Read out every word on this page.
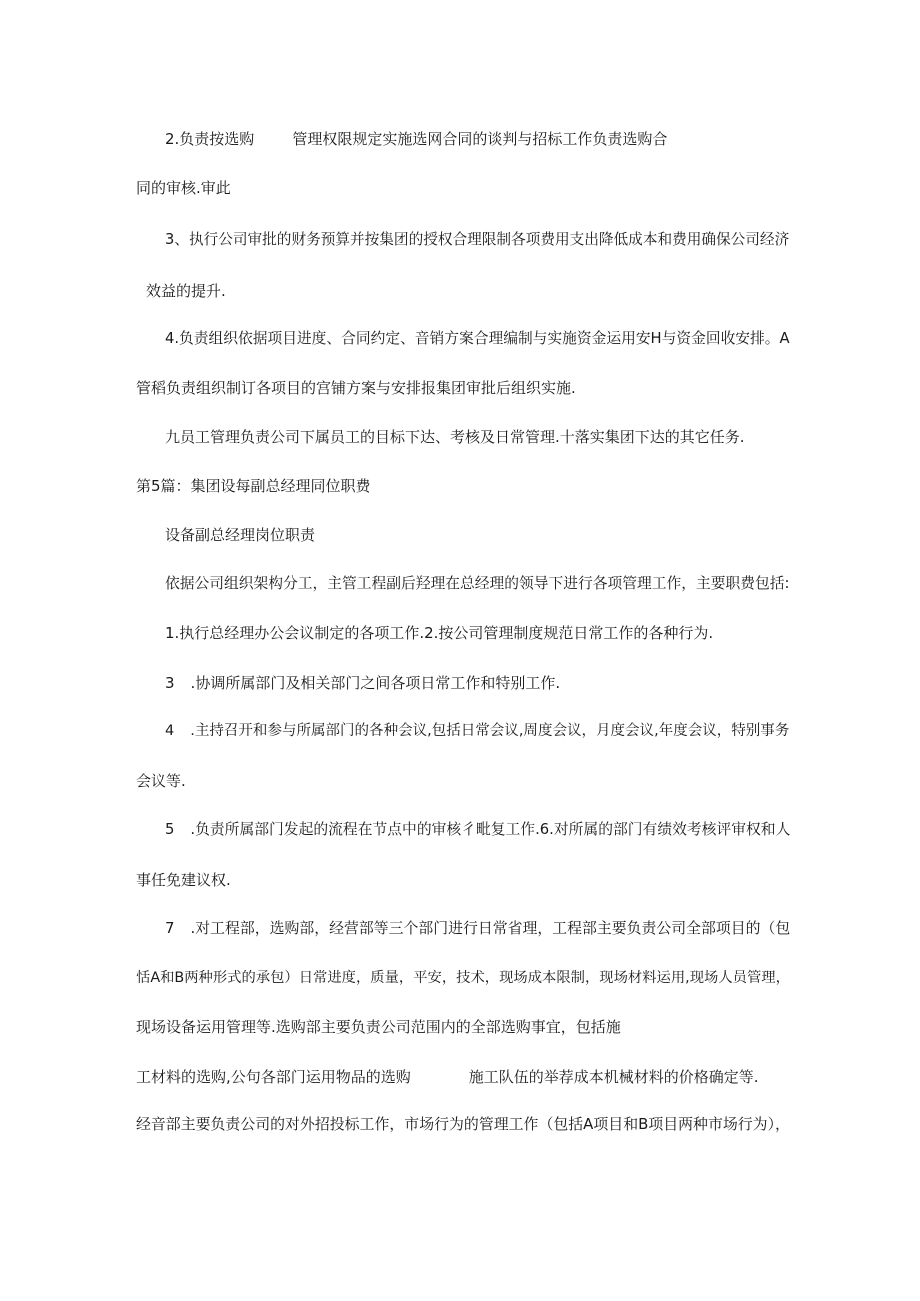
2.负责按选购	管理权限规定实施选网合同的谈判与招标工作负责选购合
同的审核.审此
3、执行公司审批的财务预算并按集团的授权合理限制各项费用支出降低成本和费用确保公司经济
效益的提升.
4.负责组织依据项目进度、合同约定、音销方案合理编制与实施资金运用安H与资金回收安排。A
管稻负责组织制订各项目的宫铺方案与安排报集团审批后组织实施.
九员工管理负责公司下属员工的目标下达、考核及日常管理.十落实集团下达的其它任务.
第5篇：集团设每副总经理同位职费
设备副总经理岗位职责
依据公司组织架构分工，主管工程副后羟理在总经理的领导下进行各项管理工作，主要职费包括:
1.执行总经理办公会议制定的各项工作.2.按公司管理制度规范日常工作的各种行为.
3 .协调所属部门及相关部门之间各项日常工作和特别工作.
4 .主持召开和参与所属部门的各种会议,包括日常会议,周度会议，月度会议,年度会议，特别事务
会议等.
5 .负责所属部门发起的流程在节点中的审核彳毗复工作.6.对所属的部门有绩效考核评审权和人
事任免建议权.
7 .对工程部，选购部，经营部等三个部门进行日常省理，工程部主要负责公司全部项目的（包
恬A和B两种形式的承包）日常进度，质量，平安，技术，现场成本限制，现场材料运用,现场人员管理，
现场设备运用管理等.选购部主要负责公司范围内的全部选购事宜，包括施
工材料的选购,公句各部门运用物品的选购	施工队伍的举荐成本机械材料的价格确定等.
经音部主要负责公司的对外招投标工作，市场行为的管理工作（包括A项目和B项目两种市场行为），
